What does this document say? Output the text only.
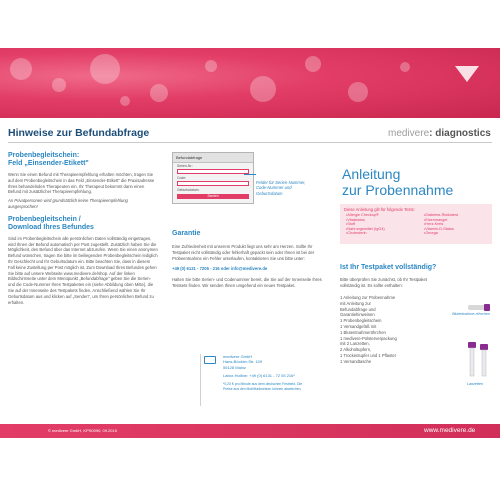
Hinweise zur Befundabfrage
Probenbegleitschein:
Feld „Einsender-Etikett"
Wenn Sie einen Befund mit Therapieempfehlung erhalten möchten, tragen Sie auf dem Probenbegleitschein in das Feld „Einsender-Etikett" die Praxisadresse Ihres behandelnden Therapeuten ein. Ihr Therapeut bekommt dann einen Befund mit zusätzlicher Therapieempfehlung.
An Privatpersonen wird grundsätzlich keine Therapieempfehlung ausgesprochen!
Probenbegleitschein /
Download Ihres Befundes
Sind im Probenbegleitschein alle persönlichen Daten vollständig eingetragen, wird Ihnen der Befund automatisch per Post zugestellt. Zusätzlich haben Sie die Möglichkeit, den Befund über das Internet abzurufen. Wenn Sie einen anonymen Befund wünschen, tragen Sie bitte im beiliegenden Probenbegleitschein lediglich Ihr Geschlecht und Ihr Geburtsdatum ein. Bitte beachten Sie, dass in diesem Fall keine Zustellung per Post möglich ist. Zum Download Ihres Befundes gehen Sie bitte auf unsere Webseite www.medivere.de/shop. Auf der linken Bildschirmseite unter dem Menüpunkt „Befundabfrage" geben Sie die Serien- und die Code-Nummer Ihres Testpaketes ein (siehe Abbildung oben Mitte), die Sie auf der Innenseite des Testpakets finden. Anschließend wählen Sie Ihr Geburtsdatum aus und klicken auf „Senden", um Ihren persönlichen Befund zu erhalten.
Befundabfrage
Serien-Nr.:
Code:
Geburtsdatum:
Senden
Felder für Serien-Nummer, Code-Nummer und Geburtsdatum
Garantie
Eine Zufriedenheit mit unserem Produkt liegt uns sehr am Herzen. Sollte Ihr Testpaket nicht vollständig oder fehlerhaft gepackt sein oder Ihnen ist bei der Probeentnahme ein Fehler unterlaufen, kontaktieren Sie uns bitte unter:
+49 (0) 6131 - 7205 - 216 oder info@medivere.de
Halten Sie bitte Serien- und Codenummer bereit, die Sie auf der Innenseite Ihres Testsets finden. Wir senden Ihnen umgehend ein neues Testpaket.
medivere GmbH
Hans-Böckler-Str. 109
55128 Mainz
Labor-Hotline: +49 (0) 6131 - 72 05 216*
*0,20 € pro Minute aus dem deutschen Festnetz. Die Preise aus den Mobilfunknetzen können abweichen.
medivere: diagnostics
Anleitung
zur Probennahme
Diese Anleitung gilt für folgende Tests:
• Allergie Checkup®
• Vitalstatus
• Stoff
• Nahrungsmittel (IgG4)
• Cholesterin
• Diabetes-Risikotest
• Eisenmangel
• Herz-Kreis
• Vitamin-D-Status
• Omega
Ist Ihr Testpaket vollständig?
Bitte überprüfen Sie zunächst, ob Ihr Testpaket vollständig ist. Es sollte enthalten:
1 Anleitung zur Probennahme
mit Anleitung zur
Befundabfrage und
Garantiehinweisen
1 Probenbegleitschein
1 Versandgefäß mit
1 Blutentnahmeröhrchen
1 medivere-Polsterverpackung
mit 2 Lanzetten,
2 Alkoholtupfern,
1 Trockentupfer und 1 Pflaster
1 Versandtasche
Blutentnahme-röhrchen
Lanzetten
© medivere GmbH, KPS0090, 09.2015	www.medivere.de
